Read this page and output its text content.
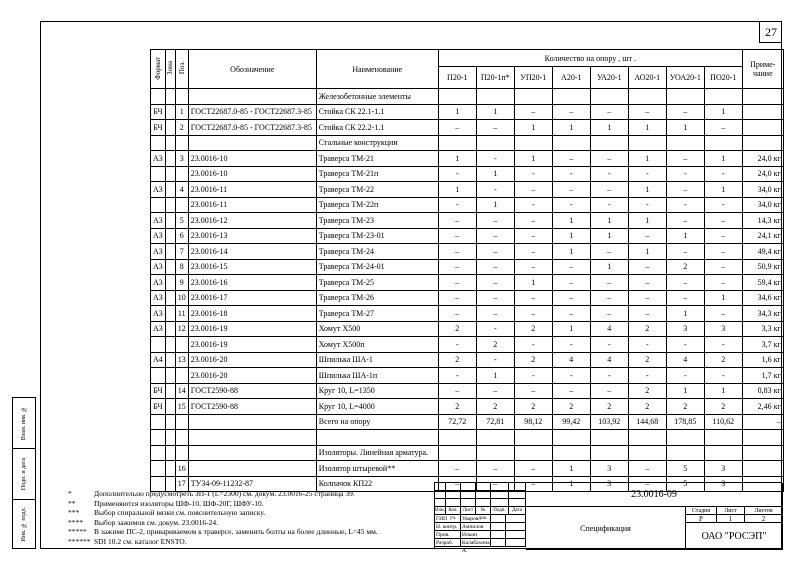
27
Взам. инв. №
Подп. и дата
Инв. № подл.
Формат	Зона	Поз.	Обозначение	Наименование	Количество на опору , шт .								Приме-чание
					П20-1	П20-1п*	УП20-1	А20-1	УА20-1	АО20-1	УОА20-1	ПО20-1	
				Железобетонные элементы									
БЧ		1	ГОСТ22687.0-85 - ГОСТ22687.3-85	Стойка СК 22.1-1.1	1	1	–	–	–	–	–	1	
БЧ		2	ГОСТ22687.0-85 - ГОСТ22687.3-85	Стойка СК 22.2-1.1	–	–	1	1	1	1	1	–	
				Стальные конструкции									
А3		3	23.0016-10	Траверса ТМ-21	1	-	1	–	–	1	–	1	24,0 кг
			23.0016-10	Траверса ТМ-21п	-	1	-	-	-	-	-	-	24,0 кг
А3		4	23.0016-11	Траверса ТМ-22	1	-	–	–	–	1	–	1	34,0 кг
			23.0016-11	Траверса ТМ-22п	-	1	-	-	-	-	-	-	34,0 кг
А3		5	23.0016-12	Траверса ТМ-23	–	–	–	1	1	1	–	–	14,3 кг
А3		6	23.0016-13	Траверса ТМ-23-01	–	–	–	1	1	–	1	–	24,1 кг
А3		7	23.0016-14	Траверса ТМ-24	–	–	–	1	–	1	–	–	49,4 кг
А3		8	23.0016-15	Траверса ТМ-24-01	–	–	–	–	1	–	2	–	50,9 кг
А3		9	23.0016-16	Траверса ТМ-25	–	–	1	–	–	–	–	–	59,4 кг
А3		10	23.0016-17	Траверса ТМ-26	–	–	–	–	–	–	–	1	34,6 кг
А3		11	23.0016-18	Траверса ТМ-27	–	–	–	–	–	–	1	–	34,3 кг
А3		12	23.0016-19	Хомут Х500	2	-	2	1	4	2	3	3	3,3 кг
			23.0016-19	Хомут Х500п	-	2	-	-	-	-	-	-	3,7 кг
А4		13	23.0016-20	Шпилька ША-1	2	-	2	4	4	2	4	2	1,6 кг
			23.0016-20	Шпилька ША-1п	-	1	-	-	-	-	-	-	1,7 кг
БЧ		14	ГОСТ2590-88	Круг 10, L=1350	–	–	–	–	–	2	1	1	0,83 кг
БЧ		15	ГОСТ2590-88	Круг 10, L=4000	2	2	2	2	2	2	2	2	2,46 кг
				Всего на опору	72,72	72,81	98,12	99,42	103,92	144,68	178,85	110,62	–

				Изоляторы. Линейная арматура.									
		16		Изолятор штыревой**	–	–	–	1	3	–	5	3	
		17	ТУ34-09-11232-87	Колпачок КП22	–	–	–	1	3	–	5	3	
*	Дополнительно предусмотреть ЗП-1 (L=2300) см. докум. 23.0016-25 страница 39.
**	Применяются изоляторы ШФ-10, ШФ-20Г, ШФУ-10.
***	Выбор спиральной вязки см. пояснительную записку.
****	Выбор зажимов см. докум. 23.0016-24.
***** В зажиме ПС-2, привариваемом к траверсе, заменить болты на более длинные, L=45 мм.
****** SDI 10.2 см. каталог ENSTO.
Изм. Кол. уч.
Лист	№ док.
Подп.	Дата
ГИП	Уваров
Н. контр. Ампилов
Пров.	Ильин
Разраб.	Калабахина А.
23.0016-09
Спецификация
Стадия	Лист	Листов
Р	1	2
ОАО "РОСЭП"
